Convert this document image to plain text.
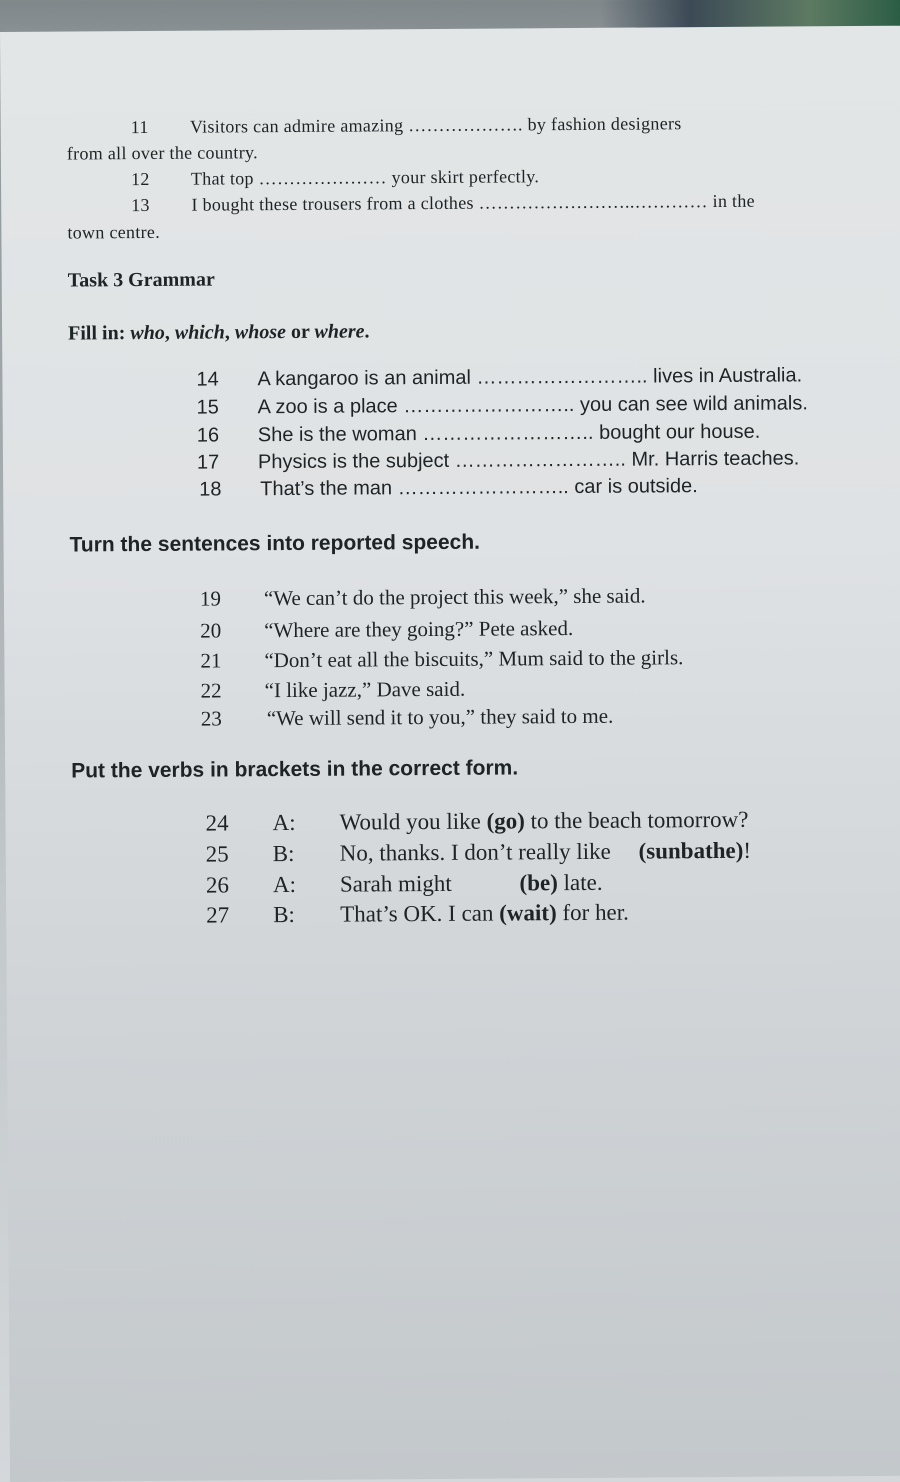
11 Visitors can admire amazing ………………. by fashion designers
from all over the country.
12 That top ………………… your skirt perfectly.
13 I bought these trousers from a clothes ……………………..………… in the
town centre.
Task 3 Grammar
Fill in: who, which, whose or where.
14 A kangaroo is an animal …………………….. lives in Australia.
15 A zoo is a place …………………….. you can see wild animals.
16 She is the woman …………………….. bought our house.
17 Physics is the subject …………………….. Mr. Harris teaches.
18 That’s the man …………………….. car is outside.
Turn the sentences into reported speech.
19 “We can’t do the project this week,” she said.
20 “Where are they going?” Pete asked.
21 “Don’t eat all the biscuits,” Mum said to the girls.
22 “I like jazz,” Dave said.
23 “We will send it to you,” they said to me.
Put the verbs in brackets in the correct form.
24 A: Would you like (go) to the beach tomorrow?
25 B: No, thanks. I don’t really like (sunbathe)!
26 A: Sarah might	(be) late.
27 B: That’s OK. I can (wait) for her.
